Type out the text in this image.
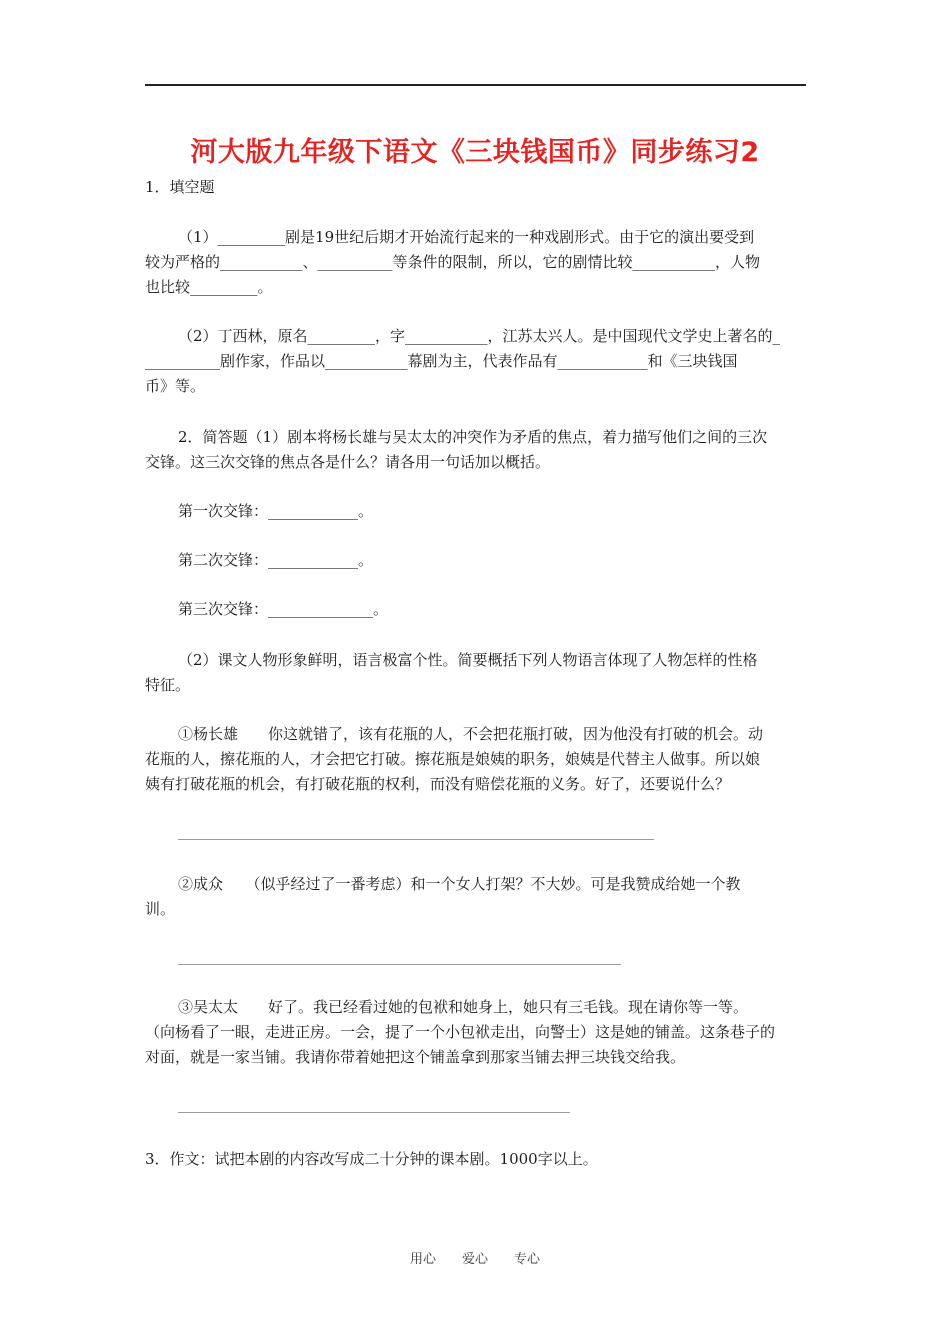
河大版九年级下语文《三块钱国币》同步练习2
1．填空题
（1）_________剧是19世纪后期才开始流行起来的一种戏剧形式。由于它的演出要受到
较为严格的___________、__________等条件的限制，所以，它的剧情比较___________，人物
也比较_________。
（2）丁西林，原名_________，字___________，江苏太兴人。是中国现代文学史上著名的_
__________剧作家，作品以___________幕剧为主，代表作品有____________和《三块钱国
币》等。
2．简答题（1）剧本将杨长雄与吴太太的冲突作为矛盾的焦点，着力描写他们之间的三次
交锋。这三次交锋的焦点各是什么？请各用一句话加以概括。
第一次交锋：____________。
第二次交锋：____________。
第三次交锋：______________。
（2）课文人物形象鲜明，语言极富个性。简要概括下列人物语言体现了人物怎样的性格
特征。
①杨长雄　　你这就错了，该有花瓶的人，不会把花瓶打破，因为他没有打破的机会。动
花瓶的人，擦花瓶的人，才会把它打破。擦花瓶是娘姨的职务，娘姨是代替主人做事。所以娘
姨有打破花瓶的机会，有打破花瓶的权利，而没有赔偿花瓶的义务。好了，还要说什么？
②成众　　（似乎经过了一番考虑）和一个女人打架？不大妙。可是我赞成给她一个教
训。
③吴太太　　好了。我已经看过她的包袱和她身上，她只有三毛钱。现在请你等一等。
（向杨看了一眼，走进正房。一会，提了一个小包袱走出，向警士）这是她的铺盖。这条巷子的
对面，就是一家当铺。我请你带着她把这个铺盖拿到那家当铺去押三块钱交给我。
3．作文：试把本剧的内容改写成二十分钟的课本剧。1000字以上。
用心　　爱心　　专心
